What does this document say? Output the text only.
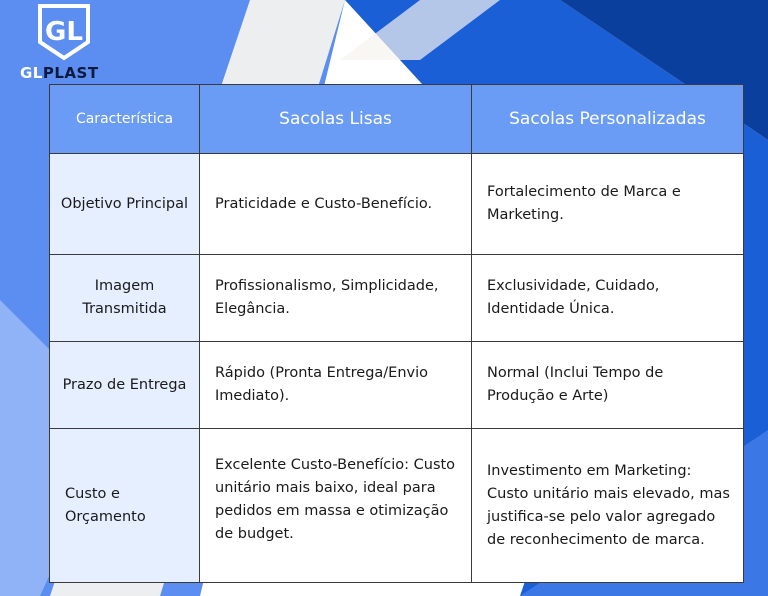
GL
GLPLAST
Característica	Sacolas Lisas	Sacolas Personalizadas
Objetivo Principal	Praticidade e Custo-Benefício.	Fortalecimento de Marca e Marketing.
Imagem Transmitida	Profissionalismo, Simplicidade, Elegância.	Exclusividade, Cuidado, Identidade Única.
Prazo de Entrega	Rápido (Pronta Entrega/Envio Imediato).	Normal (Inclui Tempo de Produção e Arte)
Custo e Orçamento	Excelente Custo-Benefício: Custo unitário mais baixo, ideal para pedidos em massa e otimização de budget.	Investimento em Marketing: Custo unitário mais elevado, mas justifica-se pelo valor agregado de reconhecimento de marca.
